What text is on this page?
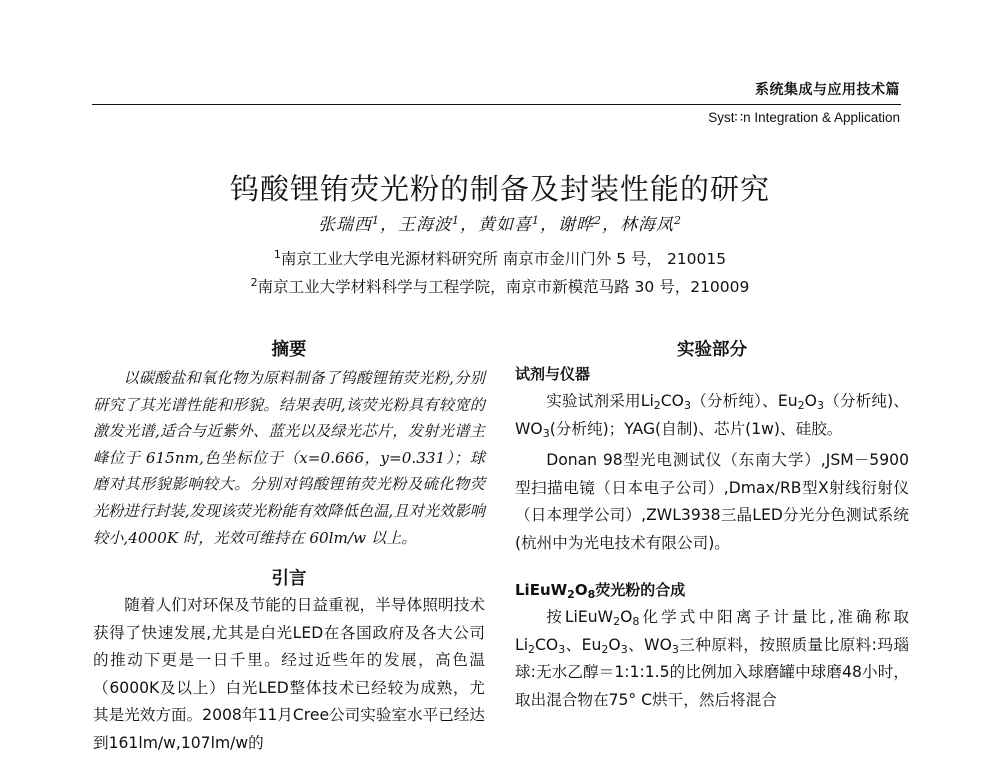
系统集成与应用技术篇
Syst∷n Integration & Application
钨酸锂铕荧光粉的制备及封装性能的研究
张瑞西$^1$，王海波$^1$，黄如喜$^1$，谢晔$^2$，林海凤$^2$
$^1$南京工业大学电光源材料研究所 南京市金川门外 5 号， 210015
$^2$南京工业大学材料科学与工程学院，南京市新模范马路 30 号，210009
摘要

以碳酸盐和氧化物为原料制备了钨酸锂铕荧光粉,分别研究了其光谱性能和形貌。结果表明,该荧光粉具有较宽的激发光谱,适合与近紫外、蓝光以及绿光芯片，发射光谱主峰位于 615nm,色坐标位于（x=0.666，y=0.331）；球磨对其形貌影响较大。分别对钨酸锂铕荧光粉及硫化物荧光粉进行封装,发现该荧光粉能有效降低色温,且对光效影响较小,4000K 时，光效可维持在 60lm/w 以上。

引言

随着人们对环保及节能的日益重视，半导体照明技术获得了快速发展,尤其是白光LED在各国政府及各大公司的推动下更是一日千里。经过近些年的发展，高色温（6000K及以上）白光LED整体技术已经较为成熟，尤其是光效方面。2008年11月Cree公司实验室水平已经达到161lm/w,107lm/w的

实验部分
试剂与仪器

实验试剂采用$Li_2CO_3$（分析纯）、$Eu_2O_3$（分析纯)、$WO_3$(分析纯)；YAG(自制)、芯片(1w)、硅胶。

Donan 98型光电测试仪（东南大学）,JSM－5900型扫描电镜（日本电子公司）,Dmax/RB型X射线衍射仪（日本理学公司）,ZWL3938三晶LED分光分色测试系统(杭州中为光电技术有限公司)。

$LiEuW_2O_8$荧光粉的合成

按$LiEuW_2O_8$化学式中阳离子计量比,准确称取$Li_2CO_3$、$Eu_2O_3$、$WO_3$三种原料，按照质量比原料:玛瑙球:无水乙醇＝1:1:1.5的比例加入球磨罐中球磨48小时，取出混合物在75° C烘干，然后将混合
